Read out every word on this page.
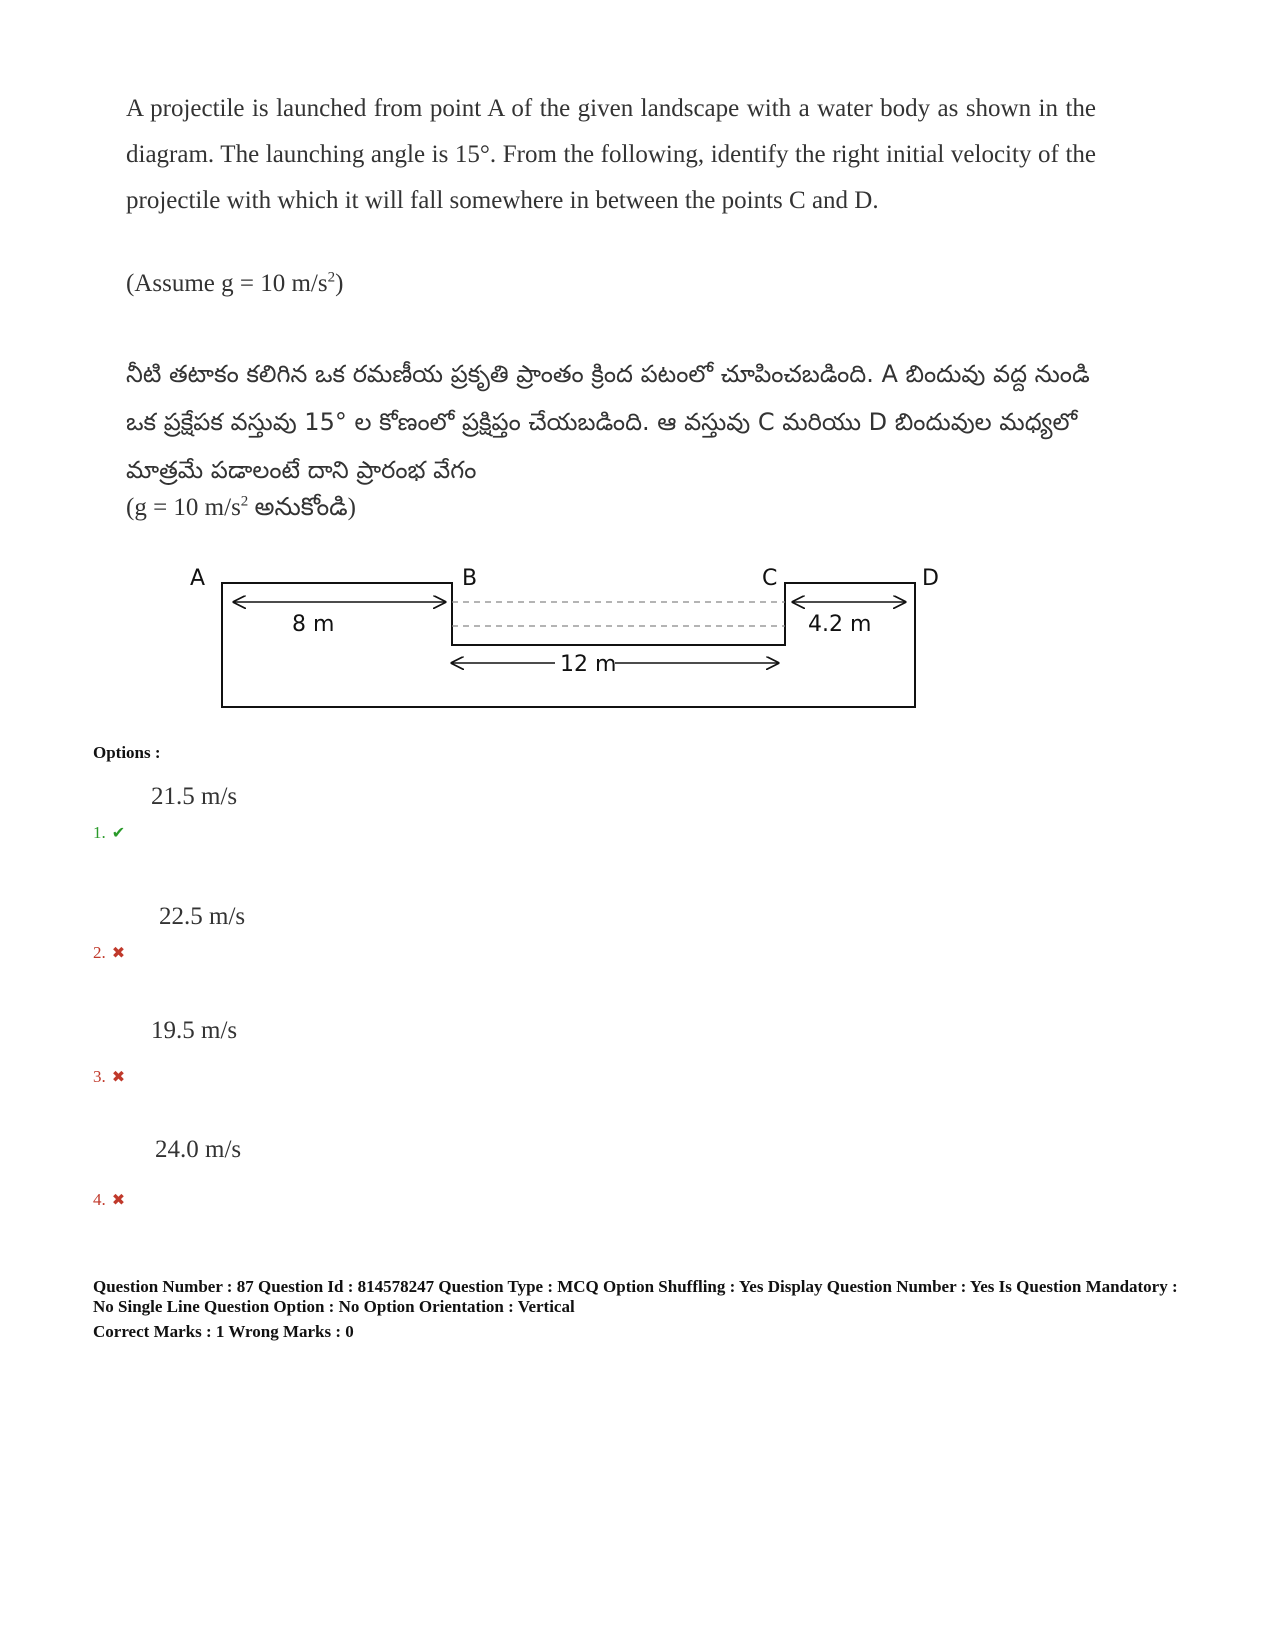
A projectile is launched from point A of the given landscape with a water body as shown in the diagram. The launching angle is 15°. From the following, identify the right initial velocity of the projectile with which it will fall somewhere in between the points C and D.

(Assume g = 10 $m/s^2$)
నీటి తటాకం కలిగిన ఒక రమణీయ ప్రకృతి ప్రాంతం క్రింద పటంలో చూపించబడింది. A బిందువు వద్ద నుండి ఒక ప్రక్షేపక వస్తువు 15° ల కోణంలో ప్రక్షిప్తం చేయబడింది. ఆ వస్తువు C మరియు D బిందువుల మధ్యలో మాత్రమే పడాలంటే దాని ప్రారంభ వేగం
(g = 10 $m/s^2$ అనుకోండి)
A	B	C	D
8 m
12 m
4.2 m
Options :
21.5 m/s
1. ✔
22.5 m/s
2. ✖
19.5 m/s
3. ✖
24.0 m/s
4. ✖

Question Number : 87 Question Id : 814578247 Question Type : MCQ Option Shuffling : Yes Display Question Number : Yes Is Question Mandatory : No Single Line Question Option : No Option Orientation : Vertical

Correct Marks : 1 Wrong Marks : 0
